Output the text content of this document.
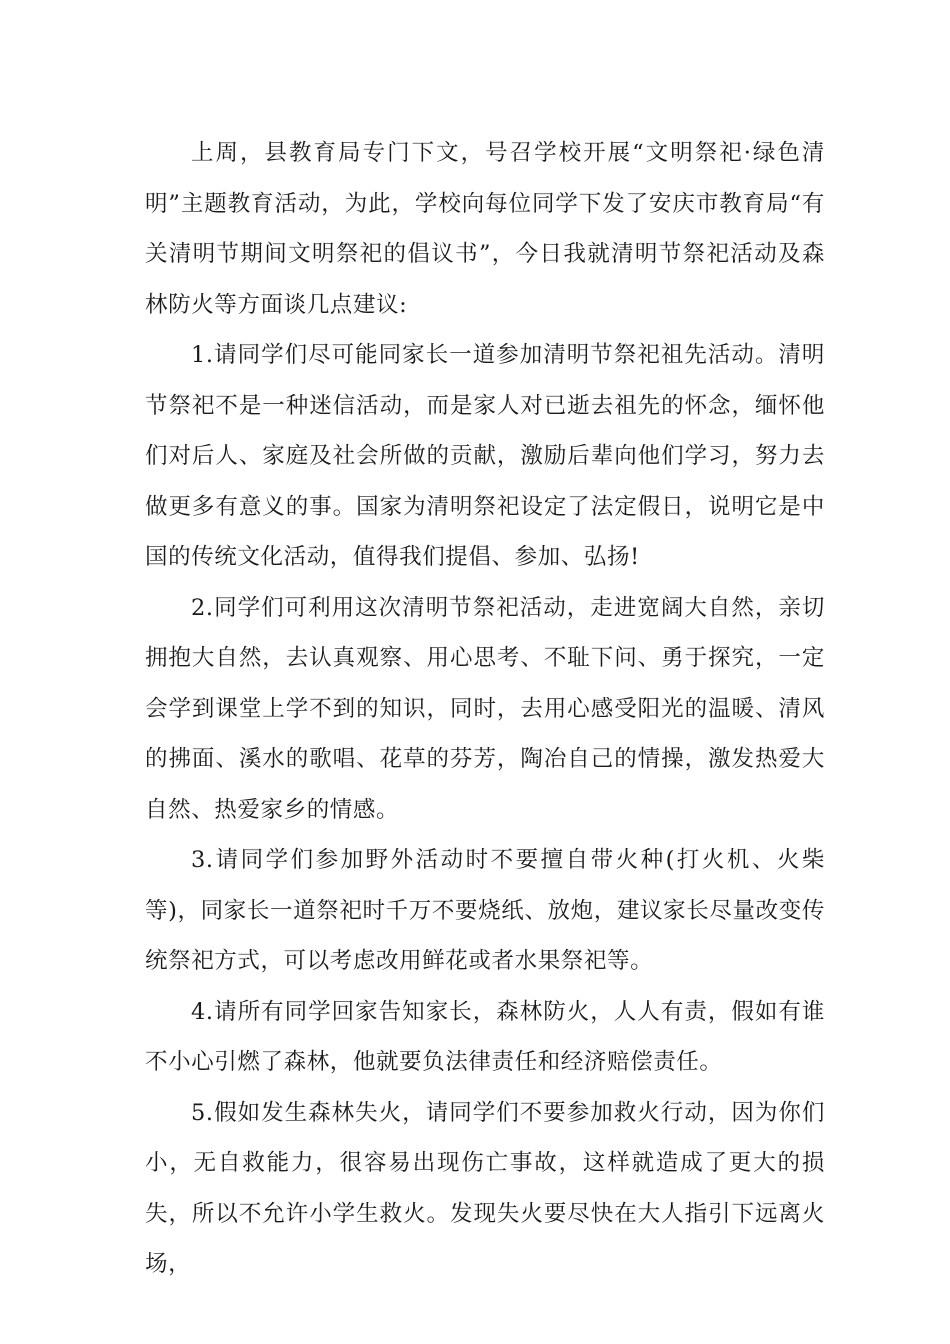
上周，县教育局专门下文，号召学校开展“文明祭祀·绿色清明”主题教育活动，为此，学校向每位同学下发了安庆市教育局“有关清明节期间文明祭祀的倡议书”，今日我就清明节祭祀活动及森林防火等方面谈几点建议:

1.请同学们尽可能同家长一道参加清明节祭祀祖先活动。清明节祭祀不是一种迷信活动，而是家人对已逝去祖先的怀念，缅怀他们对后人、家庭及社会所做的贡献，激励后辈向他们学习，努力去做更多有意义的事。国家为清明祭祀设定了法定假日，说明它是中国的传统文化活动，值得我们提倡、参加、弘扬!

2.同学们可利用这次清明节祭祀活动，走进宽阔大自然，亲切拥抱大自然，去认真观察、用心思考、不耻下问、勇于探究，一定会学到课堂上学不到的知识，同时，去用心感受阳光的温暖、清风的拂面、溪水的歌唱、花草的芬芳，陶冶自己的情操，激发热爱大自然、热爱家乡的情感。

3.请同学们参加野外活动时不要擅自带火种(打火机、火柴等)，同家长一道祭祀时千万不要烧纸、放炮，建议家长尽量改变传统祭祀方式，可以考虑改用鲜花或者水果祭祀等。

4.请所有同学回家告知家长，森林防火，人人有责，假如有谁不小心引燃了森林，他就要负法律责任和经济赔偿责任。

5.假如发生森林失火，请同学们不要参加救火行动，因为你们小，无自救能力，很容易出现伤亡事故，这样就造成了更大的损失，所以不允许小学生救火。发现失火要尽快在大人指引下远离火场，
